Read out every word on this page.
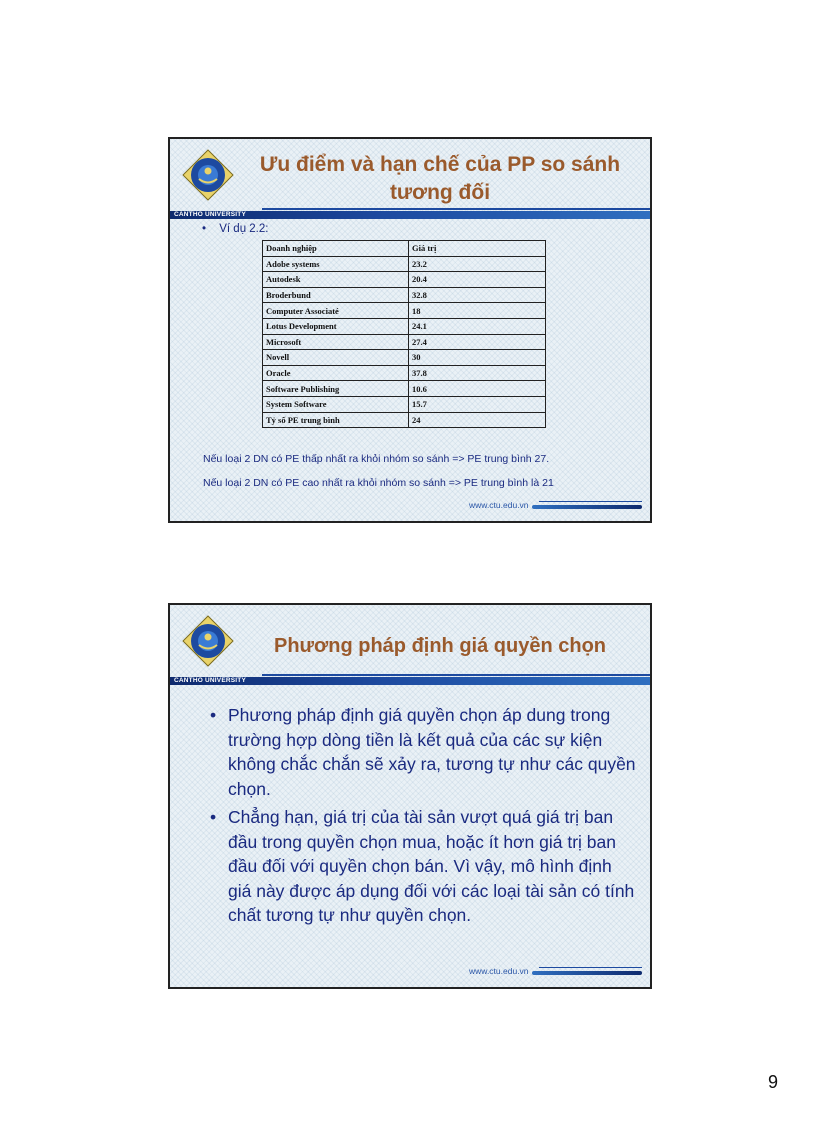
CANTHO UNIVERSITY
Ưu điểm và hạn chế của PP so sánh
tương đối
• Ví dụ 2.2:
Doanh nghiệp	Giá trị
Adobe systems	23.2
Autodesk	20.4
Broderbund	32.8
Computer Associaté	18
Lotus Development	24.1
Microsoft	27.4
Novell	30
Oracle	37.8
Software Publishing	10.6
System Software	15.7
Tỷ số PE trung bình	24
Nếu loại 2 DN có PE thấp nhất ra khỏi nhóm so sánh => PE trung bình 27.
Nếu loại 2 DN có PE cao nhất ra khỏi nhóm so sánh => PE trung bình là 21
www.ctu.edu.vn
CANTHO UNIVERSITY
Phương pháp định giá quyền chọn
• Phương pháp định giá quyền chọn áp dung trong trường hợp dòng tiền là kết quả của các sự kiện không chắc chắn sẽ xảy ra, tương tự như các quyền chọn.
• Chẳng hạn, giá trị của tài sản vượt quá giá trị ban đầu trong quyền chọn mua, hoặc ít hơn giá trị ban đầu đối với quyền chọn bán. Vì vậy, mô hình định giá này được áp dụng đối với các loại tài sản có tính chất tương tự như quyền chọn.
www.ctu.edu.vn
9
